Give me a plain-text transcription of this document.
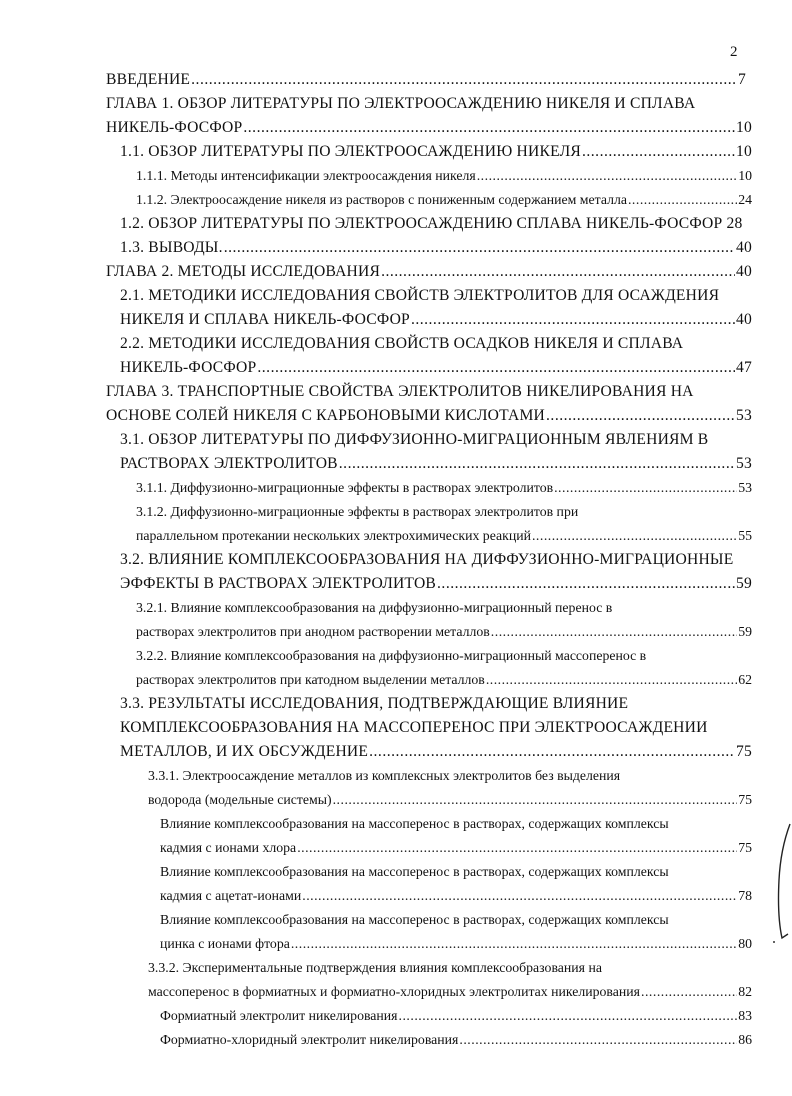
2
ВВЕДЕНИЕ .....	7
ГЛАВА 1. ОБЗОР ЛИТЕРАТУРЫ ПО ЭЛЕКТРООСАЖДЕНИЮ НИКЕЛЯ И СПЛАВА
НИКЕЛЬ-ФОСФОР .....	10
1.1. ОБЗОР ЛИТЕРАТУРЫ ПО ЭЛЕКТРООСАЖДЕНИЮ НИКЕЛЯ .....	10
1.1.1. Методы интенсификации электроосаждения никеля .....	10
1.1.2. Электроосаждение никеля из растворов с пониженным содержанием металла .....	24
1.2. ОБЗОР ЛИТЕРАТУРЫ ПО ЭЛЕКТРООСАЖДЕНИЮ СПЛАВА НИКЕЛЬ-ФОСФОР 28
1.3. ВЫВОДЫ. .....	40
ГЛАВА 2. МЕТОДЫ ИССЛЕДОВАНИЯ .....	40
2.1. МЕТОДИКИ ИССЛЕДОВАНИЯ СВОЙСТВ ЭЛЕКТРОЛИТОВ ДЛЯ ОСАЖДЕНИЯ
НИКЕЛЯ И СПЛАВА НИКЕЛЬ-ФОСФОР .....	40
2.2. МЕТОДИКИ ИССЛЕДОВАНИЯ СВОЙСТВ ОСАДКОВ НИКЕЛЯ И СПЛАВА
НИКЕЛЬ-ФОСФОР .....	47
ГЛАВА 3. ТРАНСПОРТНЫЕ СВОЙСТВА ЭЛЕКТРОЛИТОВ НИКЕЛИРОВАНИЯ НА
ОСНОВЕ СОЛЕЙ НИКЕЛЯ С КАРБОНОВЫМИ КИСЛОТАМИ .....	53
3.1. ОБЗОР ЛИТЕРАТУРЫ ПО ДИФФУЗИОННО-МИГРАЦИОННЫМ ЯВЛЕНИЯМ В
РАСТВОРАХ ЭЛЕКТРОЛИТОВ .....	53
3.1.1. Диффузионно-миграционные эффекты в растворах электролитов .....	53
3.1.2. Диффузионно-миграционные эффекты в растворах электролитов при
параллельном протекании нескольких электрохимических реакций .....	55
3.2. ВЛИЯНИЕ КОМПЛЕКСООБРАЗОВАНИЯ НА ДИФФУЗИОННО-МИГРАЦИОННЫЕ
ЭФФЕКТЫ В РАСТВОРАХ ЭЛЕКТРОЛИТОВ .....	59
3.2.1. Влияние комплексообразования на диффузионно-миграционный перенос в
растворах электролитов при анодном растворении металлов .....	59
3.2.2. Влияние комплексообразования на диффузионно-миграционный массоперенос в
растворах электролитов при катодном выделении металлов .....	62
3.3. РЕЗУЛЬТАТЫ ИССЛЕДОВАНИЯ, ПОДТВЕРЖДАЮЩИЕ ВЛИЯНИЕ
КОМПЛЕКСООБРАЗОВАНИЯ НА МАССОПЕРЕНОС ПРИ ЭЛЕКТРООСАЖДЕНИИ
МЕТАЛЛОВ, И ИХ ОБСУЖДЕНИЕ .....	75
3.3.1. Электроосаждение металлов из комплексных электролитов без выделения
водорода (модельные системы) .....	75
Влияние комплексообразования на массоперенос в растворах, содержащих комплексы
кадмия с ионами хлора .....	75
Влияние комплексообразования на массоперенос в растворах, содержащих комплексы
кадмия с ацетат-ионами .....	78
Влияние комплексообразования на массоперенос в растворах, содержащих комплексы
цинка с ионами фтора .....	80
3.3.2. Экспериментальные подтверждения влияния комплексообразования на
массоперенос в формиатных и формиатно-хлоридных электролитах никелирования .....	82
Формиатный электролит никелирования .....	83
Формиатно-хлоридный электролит никелирования .....	86
